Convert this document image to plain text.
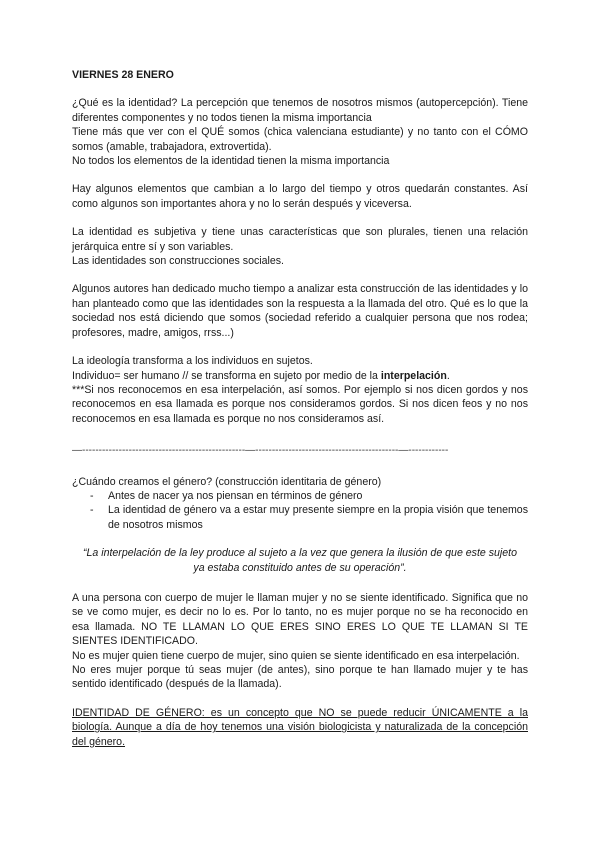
VIERNES 28 ENERO

¿Qué es la identidad? La percepción que tenemos de nosotros mismos (autopercepción). Tiene diferentes componentes y no todos tienen la misma importancia

Tiene más que ver con el QUÉ somos (chica valenciana estudiante) y no tanto con el CÓMO somos (amable, trabajadora, extrovertida).

No todos los elementos de la identidad tienen la misma importancia

Hay algunos elementos que cambian a lo largo del tiempo y otros quedarán constantes. Así como algunos son importantes ahora y no lo serán después y viceversa.

La identidad es subjetiva y tiene unas características que son plurales, tienen una relación jerárquica entre sí y son variables.

Las identidades son construcciones sociales.

Algunos autores han dedicado mucho tiempo a analizar esta construcción de las identidades y lo han planteado como que las identidades son la respuesta a la llamada del otro. Qué es lo que la sociedad nos está diciendo que somos (sociedad referido a cualquier persona que nos rodea; profesores, madre, amigos, rrss...)

La ideología transforma a los individuos en sujetos.

Individuo= ser humano // se transforma en sujeto por medio de la interpelación.

***Si nos reconocemos en esa interpelación, así somos. Por ejemplo si nos dicen gordos y nos reconocemos en esa llamada es porque nos consideramos gordos. Si nos dicen feos y no nos reconocemos en esa llamada es porque no nos consideramos así.

—-------------------------------------------------—-------------------------------------------—------------

¿Cuándo creamos el género? (construcción identitaria de género)

- Antes de nacer ya nos piensan en términos de género
- La identidad de género va a estar muy presente siempre en la propia visión que tenemos de nosotros mismos

“La interpelación de la ley produce al sujeto a la vez que genera la ilusión de que este sujeto ya estaba constituido antes de su operación”.

A una persona con cuerpo de mujer le llaman mujer y no se siente identificado. Significa que no se ve como mujer, es decir no lo es. Por lo tanto, no es mujer porque no se ha reconocido en esa llamada. NO TE LLAMAN LO QUE ERES SINO ERES LO QUE TE LLAMAN SI TE SIENTES IDENTIFICADO.

No es mujer quien tiene cuerpo de mujer, sino quien se siente identificado en esa interpelación.

No eres mujer porque tú seas mujer (de antes), sino porque te han llamado mujer y te has sentido identificado (después de la llamada).

IDENTIDAD DE GÉNERO: es un concepto que NO se puede reducir ÚNICAMENTE a la biología. Aunque a día de hoy tenemos una visión biologicista y naturalizada de la concepción del género.
